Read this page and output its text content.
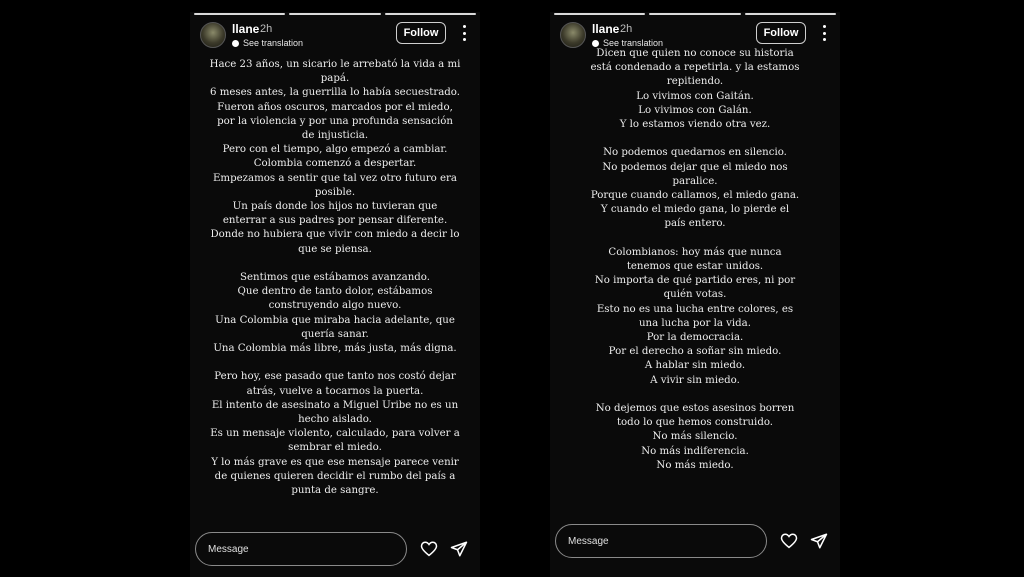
llane 2h
See translation
Follow
Hace 23 años, un sicario le arrebató la vida a mi
papá.
6 meses antes, la guerrilla lo había secuestrado.
Fueron años oscuros, marcados por el miedo,
por la violencia y por una profunda sensación
de injusticia.
Pero con el tiempo, algo empezó a cambiar.
Colombia comenzó a despertar.
Empezamos a sentir que tal vez otro futuro era
posible.
Un país donde los hijos no tuvieran que
enterrar a sus padres por pensar diferente.
Donde no hubiera que vivir con miedo a decir lo
que se piensa.

Sentimos que estábamos avanzando.
Que dentro de tanto dolor, estábamos
construyendo algo nuevo.
Una Colombia que miraba hacia adelante, que
quería sanar.
Una Colombia más libre, más justa, más digna.

Pero hoy, ese pasado que tanto nos costó dejar
atrás, vuelve a tocarnos la puerta.
El intento de asesinato a Miguel Uribe no es un
hecho aislado.
Es un mensaje violento, calculado, para volver a
sembrar el miedo.
Y lo más grave es que ese mensaje parece venir
de quienes quieren decidir el rumbo del país a
punta de sangre.
Message
llane 2h
See translation
Follow
Dicen que quien no conoce su historia
está condenado a repetirla. y la estamos
repitiendo.
Lo vivimos con Gaitán.
Lo vivimos con Galán.
Y lo estamos viendo otra vez.

No podemos quedarnos en silencio.
No podemos dejar que el miedo nos
paralice.
Porque cuando callamos, el miedo gana.
Y cuando el miedo gana, lo pierde el
país entero.

Colombianos: hoy más que nunca
tenemos que estar unidos.
No importa de qué partido eres, ni por
quién votas.
Esto no es una lucha entre colores, es
una lucha por la vida.
Por la democracia.
Por el derecho a soñar sin miedo.
A hablar sin miedo.
A vivir sin miedo.

No dejemos que estos asesinos borren
todo lo que hemos construido.
No más silencio.
No más indiferencia.
No más miedo.
Message
